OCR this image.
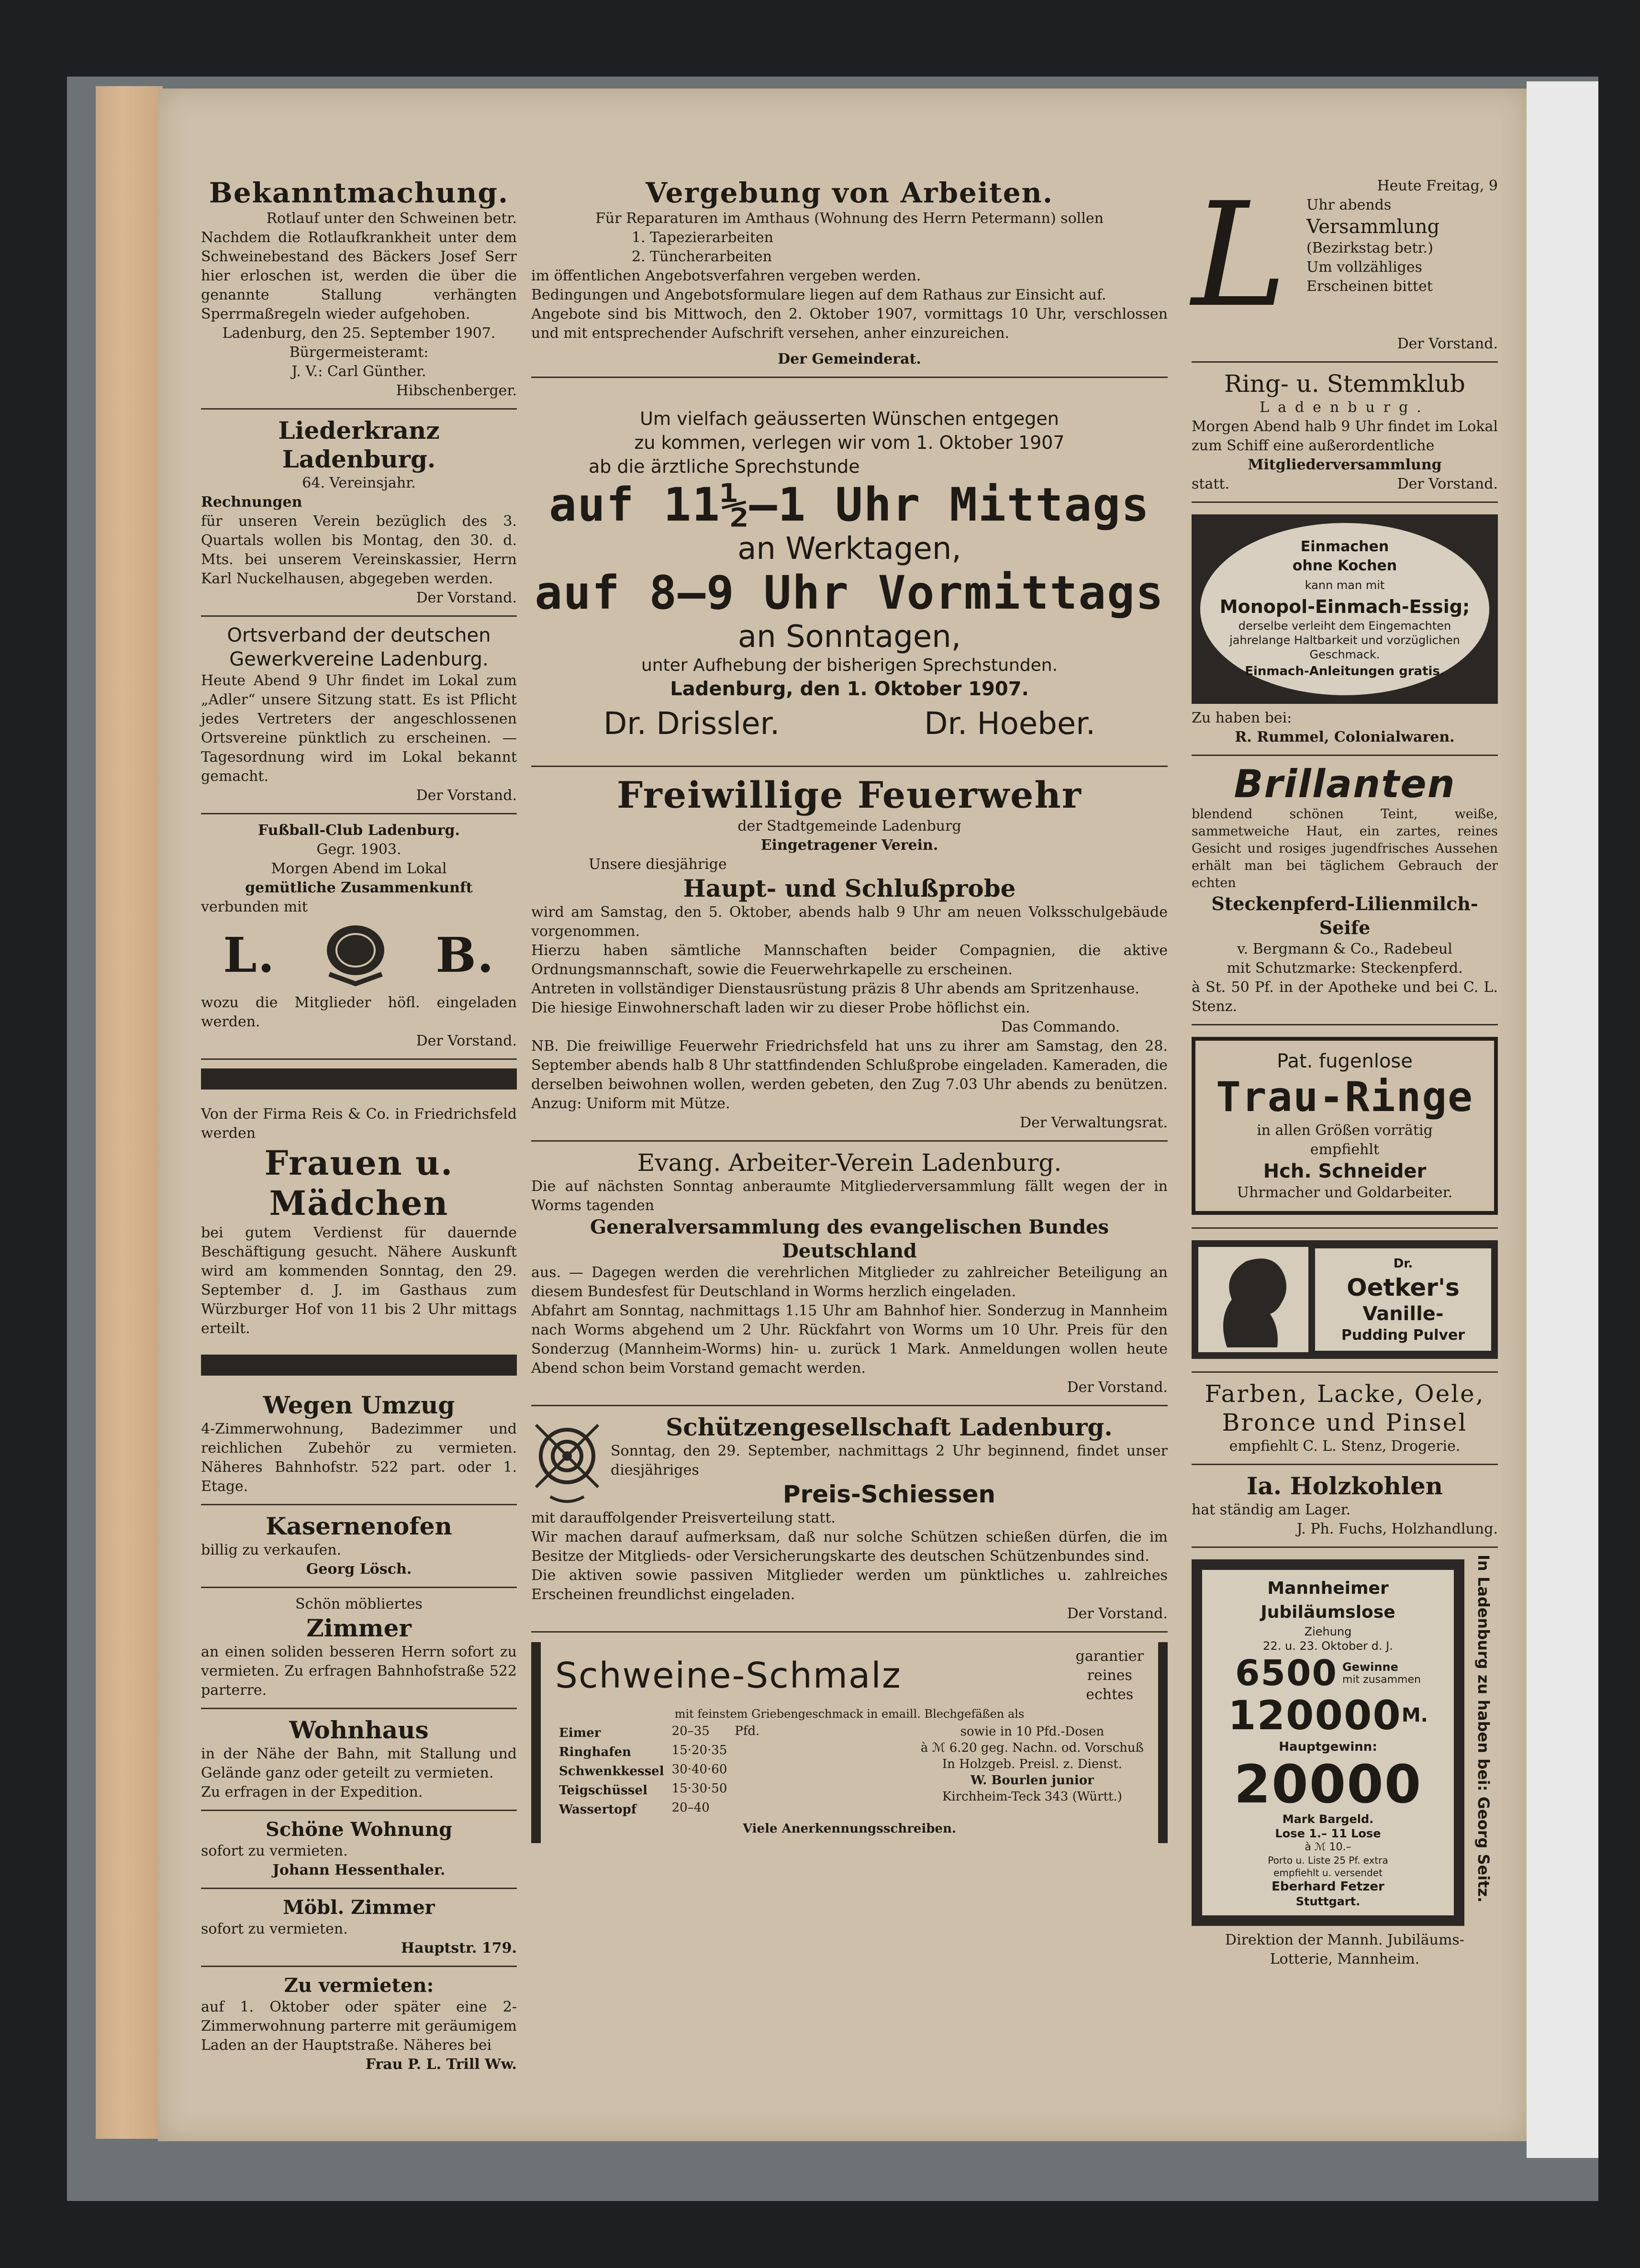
Bekanntmachung.

Rotlauf unter den Schweinen betr.

Nachdem die Rotlaufkrankheit unter dem Schweinebestand des Bäckers Josef Serr hier erloschen ist, werden die über die genannte Stallung verhängten Sperrmaßregeln wieder aufgehoben.

Ladenburg, den 25. September 1907.

Bürgermeisteramt:

J. V.: Carl Günther.

Hibschenberger.

Liederkranz Ladenburg.

64. Vereinsjahr.

Rechnungen

für unseren Verein bezüglich des 3. Quartals wollen bis Montag, den 30. d. Mts. bei unserem Vereinskassier, Herrn Karl Nuckelhausen, abgegeben werden.

Der Vorstand.

Ortsverband der deutschen Gewerkvereine Ladenburg.

Heute Abend 9 Uhr findet im Lokal zum „Adler“ unsere Sitzung statt. Es ist Pflicht jedes Vertreters der angeschlossenen Ortsvereine pünktlich zu erscheinen. — Tagesordnung wird im Lokal bekannt gemacht.

Der Vorstand.

Fußball-Club Ladenburg.

Gegr. 1903.

Morgen Abend im Lokal

gemütliche Zusammenkunft

verbunden mit

L.	B.

wozu die Mitglieder höfl. eingeladen werden.

Der Vorstand.

Von der Firma Reis & Co. in Friedrichsfeld werden

Frauen u. Mädchen

bei gutem Verdienst für dauernde Beschäftigung gesucht. Nähere Auskunft wird am kommenden Sonntag, den 29. September d. J. im Gasthaus zum Würzburger Hof von 11 bis 2 Uhr mittags erteilt.

Wegen Umzug

4-Zimmerwohnung, Badezimmer und reichlichen Zubehör zu vermieten. Näheres Bahnhofstr. 522 part. oder 1. Etage.

Kasernenofen

billig zu verkaufen.

Georg Lösch.

Schön möbliertes

Zimmer

an einen soliden besseren Herrn sofort zu vermieten. Zu erfragen Bahnhofstraße 522 parterre.

Wohnhaus

in der Nähe der Bahn, mit Stallung und Gelände ganz oder geteilt zu vermieten.

Zu erfragen in der Expedition.

Schöne Wohnung

sofort zu vermieten.

Johann Hessenthaler.

Möbl. Zimmer

sofort zu vermieten.

Hauptstr. 179.

Zu vermieten:

auf 1. Oktober oder später eine 2-Zimmerwohnung parterre mit geräumigem Laden an der Hauptstraße. Näheres bei

Frau P. L. Trill Ww.

Vergebung von Arbeiten.

Für Reparaturen im Amthaus (Wohnung des Herrn Petermann) sollen

1. Tapezierarbeiten

2. Tüncherarbeiten

im öffentlichen Angebotsverfahren vergeben werden.

Bedingungen und Angebotsformulare liegen auf dem Rathaus zur Einsicht auf.

Angebote sind bis Mittwoch, den 2. Oktober 1907, vormittags 10 Uhr, verschlossen und mit entsprechender Aufschrift versehen, anher einzureichen.

Der Gemeinderat.

Um vielfach geäusserten Wünschen entgegen

zu kommen, verlegen wir vom 1. Oktober 1907

ab die ärztliche Sprechstunde

auf 11½–1 Uhr Mittags

an Werktagen,

auf 8–9 Uhr Vormittags

an Sonntagen,

unter Aufhebung der bisherigen Sprechstunden.

Ladenburg, den 1. Oktober 1907.

Dr. Drissler.	Dr. Hoeber.

Freiwillige Feuerwehr

der Stadtgemeinde Ladenburg

Eingetragener Verein.

Unsere diesjährige

Haupt- und Schlußprobe

wird am Samstag, den 5. Oktober, abends halb 9 Uhr am neuen Volksschulgebäude vorgenommen.

Hierzu haben sämtliche Mannschaften beider Compagnien, die aktive Ordnungsmannschaft, sowie die Feuerwehrkapelle zu erscheinen.

Antreten in vollständiger Dienstausrüstung präzis 8 Uhr abends am Spritzenhause.

Die hiesige Einwohnerschaft laden wir zu dieser Probe höflichst ein.

Das Commando.

NB. Die freiwillige Feuerwehr Friedrichsfeld hat uns zu ihrer am Samstag, den 28. September abends halb 8 Uhr stattfindenden Schlußprobe eingeladen. Kameraden, die derselben beiwohnen wollen, werden gebeten, den Zug 7.03 Uhr abends zu benützen. Anzug: Uniform mit Mütze.

Der Verwaltungsrat.

Evang. Arbeiter-Verein Ladenburg.

Die auf nächsten Sonntag anberaumte Mitgliederversammlung fällt wegen der in Worms tagenden

Generalversammlung des evangelischen Bundes Deutschland

aus. — Dagegen werden die verehrlichen Mitglieder zu zahlreicher Beteiligung an diesem Bundesfest für Deutschland in Worms herzlich eingeladen.

Abfahrt am Sonntag, nachmittags 1.15 Uhr am Bahnhof hier. Sonderzug in Mannheim nach Worms abgehend um 2 Uhr. Rückfahrt von Worms um 10 Uhr. Preis für den Sonderzug (Mannheim-Worms) hin- u. zurück 1 Mark. Anmeldungen wollen heute Abend schon beim Vorstand gemacht werden.

Der Vorstand.

Schützengesellschaft Ladenburg.

Sonntag, den 29. September, nachmittags 2 Uhr beginnend, findet unser diesjähriges

Preis-Schiessen

mit darauffolgender Preisverteilung statt.

Wir machen darauf aufmerksam, daß nur solche Schützen schießen dürfen, die im Besitze der Mitglieds- oder Versicherungskarte des deutschen Schützenbundes sind.

Die aktiven sowie passiven Mitglieder werden um pünktliches u. zahlreiches Erscheinen freundlichst eingeladen.

Der Vorstand.

Schweine-Schmalz	garantier

reines

echtes

mit feinstem Griebengeschmack in emaill. Blechgefäßen als

Eimer	20–35	Pfd.
Ringhafen	15·20·35	
Schwenkkessel	30·40·60	
Teigschüssel	15·30·50	
Wassertopf	20–40	

sowie in 10 Pfd.-Dosen

à ℳ 6.20 geg. Nachn. od. Vorschuß

In Holzgeb. Preisl. z. Dienst.

W. Bourlen junior

Kirchheim-Teck 343 (Württ.)

Viele Anerkennungsschreiben.

L	Heute Freitag, 9

Uhr abends

Versammlung

(Bezirkstag betr.)

Um vollzähliges

Erscheinen bittet

Der Vorstand.

Ring- u. Stemmklub

Ladenburg.

Morgen Abend halb 9 Uhr findet im Lokal zum Schiff eine außerordentliche

Mitgliederversammlung

statt.	Der Vorstand.

Einmachen

ohne Kochen

kann man mit

Monopol-Einmach-Essig;

derselbe verleiht dem Eingemachten jahrelange Haltbarkeit und vorzüglichen Geschmack.

Einmach-Anleitungen gratis.

Zu haben bei:

R. Rummel, Colonialwaren.

Brillanten

blendend schönen Teint, weiße, sammetweiche Haut, ein zartes, reines Gesicht und rosiges jugendfrisches Aussehen erhält man bei täglichem Gebrauch der echten

Steckenpferd-Lilienmilch-Seife

v. Bergmann & Co., Radebeul

mit Schutzmarke: Steckenpferd.

à St. 50 Pf. in der Apotheke und bei C. L. Stenz.

Pat. fugenlose

Trau-Ringe

in allen Größen vorrätig

empfiehlt

Hch. Schneider

Uhrmacher und Goldarbeiter.

Dr.

Oetker's

Vanille-

Pudding Pulver

Farben, Lacke, Oele,

Bronce und Pinsel

empfiehlt C. L. Stenz, Drogerie.

Ia. Holzkohlen

hat ständig am Lager.

J. Ph. Fuchs, Holzhandlung.

Mannheimer

Jubiläumslose

Ziehung

22. u. 23. Oktober d. J.

6500 Gewinne

mit zusammen

120000 M.

Hauptgewinn:

20000

Mark Bargeld.

Lose 1.– 11 Lose

à ℳ 10.–

Porto u. Liste 25 Pf. extra

empfiehlt u. versendet

Eberhard Fetzer

Stuttgart.	In Ladenburg zu haben bei: Georg Seitz.

Direktion der Mannh. Jubiläums-

Lotterie, Mannheim.
